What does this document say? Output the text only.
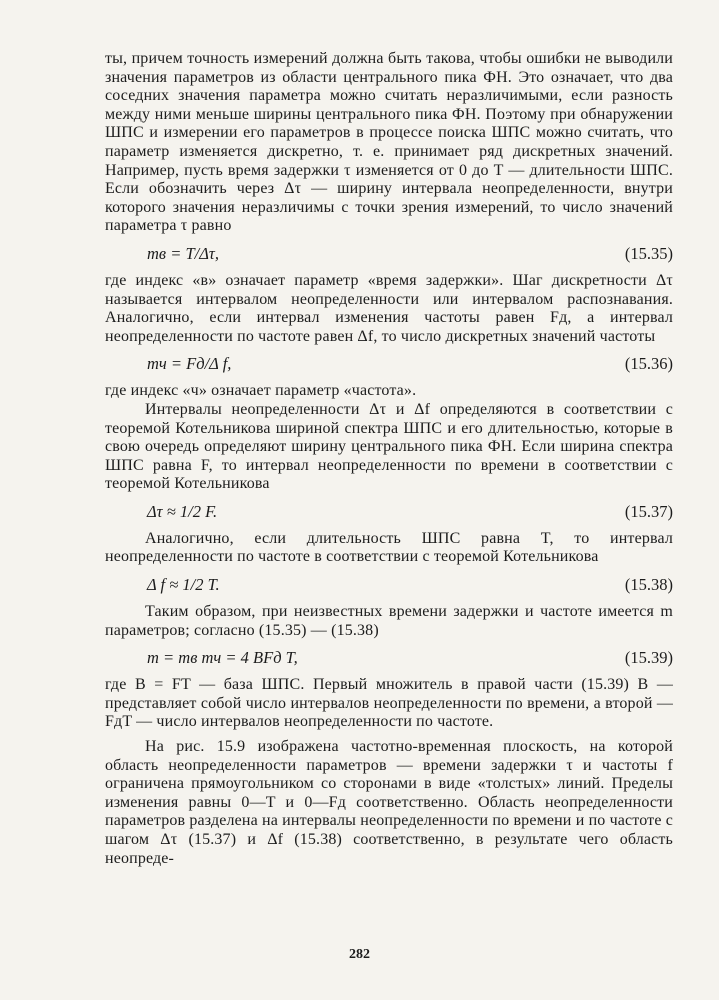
ты, причем точность измерений должна быть такова, чтобы ошибки не выводили значения параметров из области центрального пика ФН. Это означает, что два соседних значения параметра можно считать неразличимыми, если разность между ними меньше ширины центрального пика ФН. Поэтому при обнаружении ШПС и измерении его параметров в процессе поиска ШПС можно считать, что параметр изменяется дискретно, т. е. принимает ряд дискретных значений. Например, пусть время задержки τ изменяется от 0 до T — длительности ШПС. Если обозначить через Δτ — ширину интервала неопределенности, внутри которого значения неразличимы с точки зрения измерений, то число значений параметра τ равно

mв = T/Δτ,	(15.35)

где индекс «в» означает параметр «время задержки». Шаг дискретности Δτ называется интервалом неопределенности или интервалом распознавания. Аналогично, если интервал изменения частоты равен Fд, а интервал неопределенности по частоте равен Δf, то число дискретных значений частоты

mч = Fд/Δ f,	(15.36)

где индекс «ч» означает параметр «частота».

Интервалы неопределенности Δτ и Δf определяются в соответствии с теоремой Котельникова шириной спектра ШПС и его длительностью, которые в свою очередь определяют ширину центрального пика ФН. Если ширина спектра ШПС равна F, то интервал неопределенности по времени в соответствии с теоремой Котельникова

Δτ ≈ 1/2 F.	(15.37)

Аналогично, если длительность ШПС равна T, то интервал неопределенности по частоте в соответствии с теоремой Котельникова

Δ f ≈ 1/2 T.	(15.38)

Таким образом, при неизвестных времени задержки и частоте имеется m параметров; согласно (15.35) — (15.38)

m = mв mч = 4 BFд T,	(15.39)

где B = FT — база ШПС. Первый множитель в правой части (15.39) B — представляет собой число интервалов неопределенности по времени, а второй — FдT — число интервалов неопределенности по частоте.

На рис. 15.9 изображена частотно-временная плоскость, на которой область неопределенности параметров — времени задержки τ и частоты f ограничена прямоугольником со сторонами в виде «толстых» линий. Пределы изменения равны 0—T и 0—Fд соответственно. Область неопределенности параметров разделена на интервалы неопределенности по времени и по частоте с шагом Δτ (15.37) и Δf (15.38) соответственно, в результате чего область неопреде-

282
